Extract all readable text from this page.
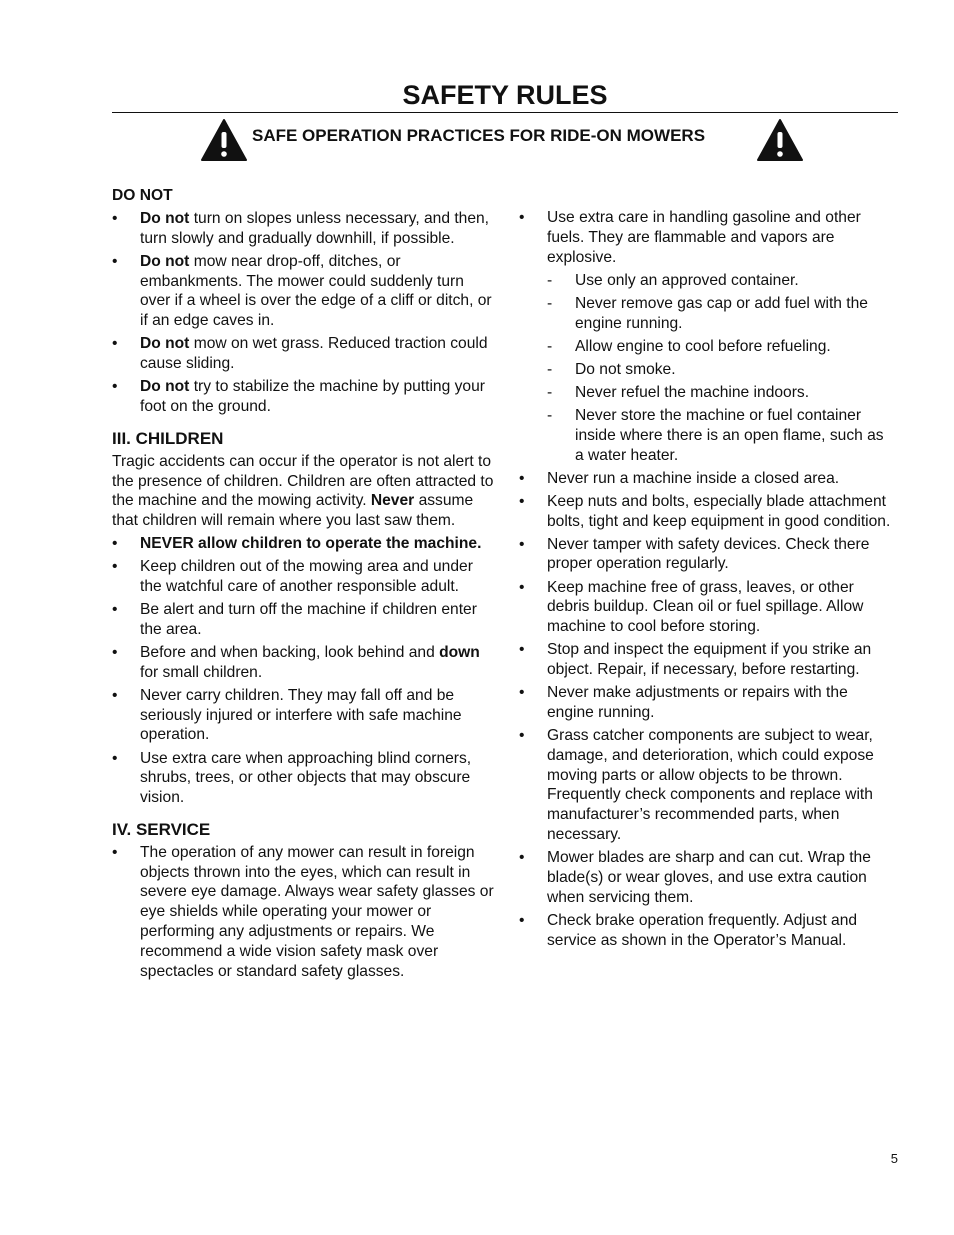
SAFETY RULES
SAFE OPERATION PRACTICES FOR RIDE-ON MOWERS
DO NOT
•	Do not turn on slopes unless necessary, and then, turn slowly and gradually downhill, if possible.
•	Do not mow near drop-off, ditches, or embankments. The mower could suddenly turn over if a wheel is over the edge of a cliff or ditch, or if an edge caves in.
•	Do not mow on wet grass. Reduced traction could cause sliding.
•	Do not try to stabilize the machine by putting your foot on the ground.
III. CHILDREN

Tragic accidents can occur if the operator is not alert to the presence of children. Children are often attracted to the machine and the mowing activity. Never assume that children will remain where you last saw them.

•	NEVER allow children to operate the machine.
•	Keep children out of the mowing area and under the watchful care of another responsible adult.
•	Be alert and turn off the machine if children enter the area.
•	Before and when backing, look behind and down for small children.
•	Never carry children. They may fall off and be seriously injured or interfere with safe machine operation.
•	Use extra care when approaching blind corners, shrubs, trees, or other objects that may obscure vision.
IV. SERVICE
•	The operation of any mower can result in foreign objects thrown into the eyes, which can result in severe eye damage. Always wear safety glasses or eye shields while operating your mower or performing any adjustments or repairs. We recommend a wide vision safety mask over spectacles or standard safety glasses.
•	Use extra care in handling gasoline and other fuels. They are flammable and vapors are explosive.
-	Use only an approved container.
-	Never remove gas cap or add fuel with the engine running.
-	Allow engine to cool before refueling.
-	Do not smoke.
-	Never refuel the machine indoors.
-	Never store the machine or fuel container inside where there is an open flame, such as a water heater.
•	Never run a machine inside a closed area.
•	Keep nuts and bolts, especially blade attachment bolts, tight and keep equipment in good condition.
•	Never tamper with safety devices. Check there proper operation regularly.
•	Keep machine free of grass, leaves, or other debris buildup. Clean oil or fuel spillage. Allow machine to cool before storing.
•	Stop and inspect the equipment if you strike an object. Repair, if necessary, before restarting.
•	Never make adjustments or repairs with the engine running.
•	Grass catcher components are subject to wear, damage, and deterioration, which could expose moving parts or allow objects to be thrown. Frequently check components and replace with manufacturer’s recommended parts, when necessary.
•	Mower blades are sharp and can cut. Wrap the blade(s) or wear gloves, and use extra caution when servicing them.
•	Check brake operation frequently. Adjust and service as shown in the Operator’s Manual.
5
